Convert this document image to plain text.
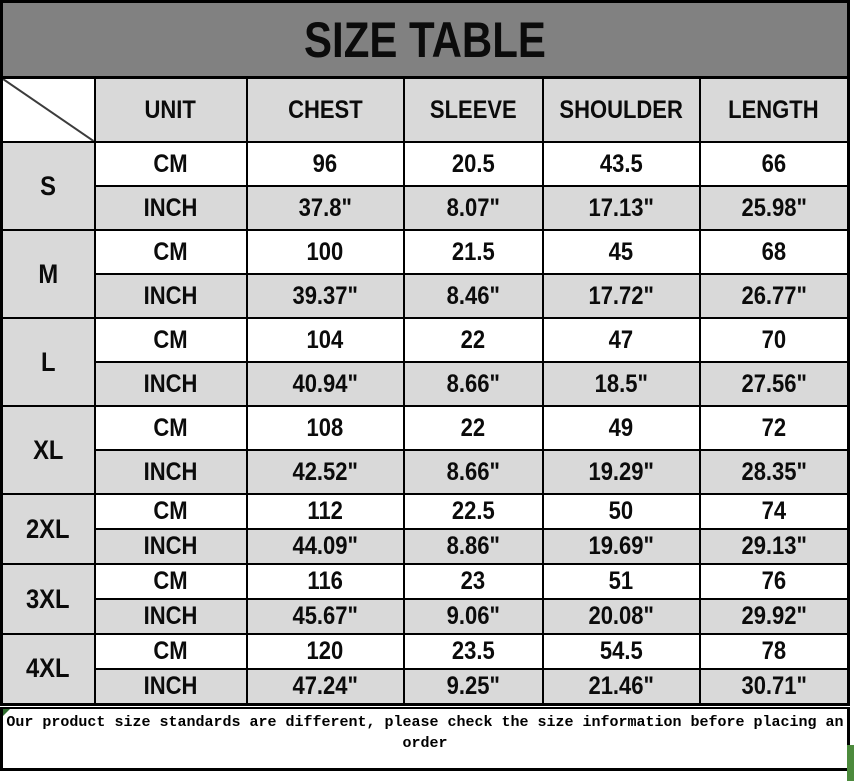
SIZE TABLE
	UNIT	CHEST	SLEEVE	SHOULDER	LENGTH
S	CM	96	20.5	43.5	66
	INCH	37.8"	8.07"	17.13"	25.98"
M	CM	100	21.5	45	68
	INCH	39.37"	8.46"	17.72"	26.77"
L	CM	104	22	47	70
	INCH	40.94"	8.66"	18.5"	27.56"
XL	CM	108	22	49	72
	INCH	42.52"	8.66"	19.29"	28.35"
2XL	CM	112	22.5	50	74
	INCH	44.09"	8.86"	19.69"	29.13"
3XL	CM	116	23	51	76
	INCH	45.67"	9.06"	20.08"	29.92"
4XL	CM	120	23.5	54.5	78
	INCH	47.24"	9.25"	21.46"	30.71"
Our product size standards are different, please check the size information before placing an order
